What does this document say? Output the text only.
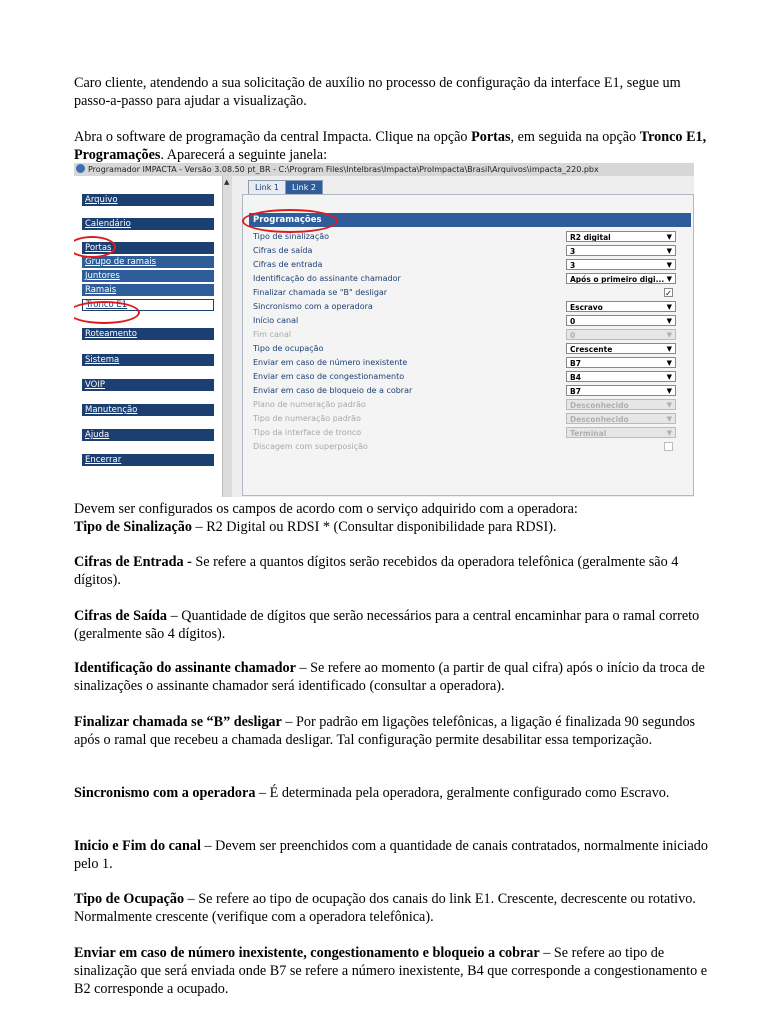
Caro cliente, atendendo a sua solicitação de auxílio no processo de configuração da interface E1, segue um passo-a-passo para ajudar a visualização.

Abra o software de programação da central Impacta. Clique na opção Portas, em seguida na opção Tronco E1, Programações. Aparecerá a seguinte janela:

Programador IMPACTA - Versão 3.08.50 pt_BR - C:\Program Files\Intelbras\Impacta\ProImpacta\Brasil\Arquivos\impacta_220.pbx
Arquivo
Calendário
Portas
Grupo de ramais
Juntores
Ramais
Tronco E1
Roteamento
Sistema
VOIP
Manutenção
Ajuda
Encerrar
▲
Link 1	Link 2
Programações
Tipo de sinalização	R2 digital	▼
Cifras de saída	3	▼
Cifras de entrada	3	▼
Identificação do assinante chamador	Após o primeiro digi... ▼
Finalizar chamada se "B" desligar	✓
Sincronismo com a operadora	Escravo	▼
Início canal	0	▼
Fim canal	0	▼
Tipo de ocupação	Crescente	▼
Enviar em caso de número inexistente	B7	▼
Enviar em caso de congestionamento	B4	▼
Enviar em caso de bloqueio de a cobrar	B7	▼
Plano de numeração padrão	Desconhecido	▼
Tipo de numeração padrão	Desconhecido	▼
Tipo da interface de tronco	Terminal	▼
Discagem com superposição

Devem ser configurados os campos de acordo com o serviço adquirido com a operadora:
Tipo de Sinalização – R2 Digital ou RDSI * (Consultar disponibilidade para RDSI).

Cifras de Entrada - Se refere a quantos dígitos serão recebidos da operadora telefônica (geralmente são 4 dígitos).

Cifras de Saída – Quantidade de dígitos que serão necessários para a central encaminhar para o ramal correto (geralmente são 4 dígitos).

Identificação do assinante chamador – Se refere ao momento (a partir de qual cifra) após o início da troca de sinalizações o assinante chamador será identificado (consultar a operadora).

Finalizar chamada se “B” desligar – Por padrão em ligações telefônicas, a ligação é finalizada 90 segundos após o ramal que recebeu a chamada desligar. Tal configuração permite desabilitar essa temporização.

Sincronismo com a operadora – É determinada pela operadora, geralmente configurado como Escravo.

Inicio e Fim do canal – Devem ser preenchidos com a quantidade de canais contratados, normalmente iniciado pelo 1.

Tipo de Ocupação – Se refere ao tipo de ocupação dos canais do link E1. Crescente, decrescente ou rotativo. Normalmente crescente (verifique com a operadora telefônica).

Enviar em caso de número inexistente, congestionamento e bloqueio a cobrar – Se refere ao tipo de sinalização que será enviada onde B7 se refere a número inexistente, B4 que corresponde a congestionamento e B2 corresponde a ocupado.
